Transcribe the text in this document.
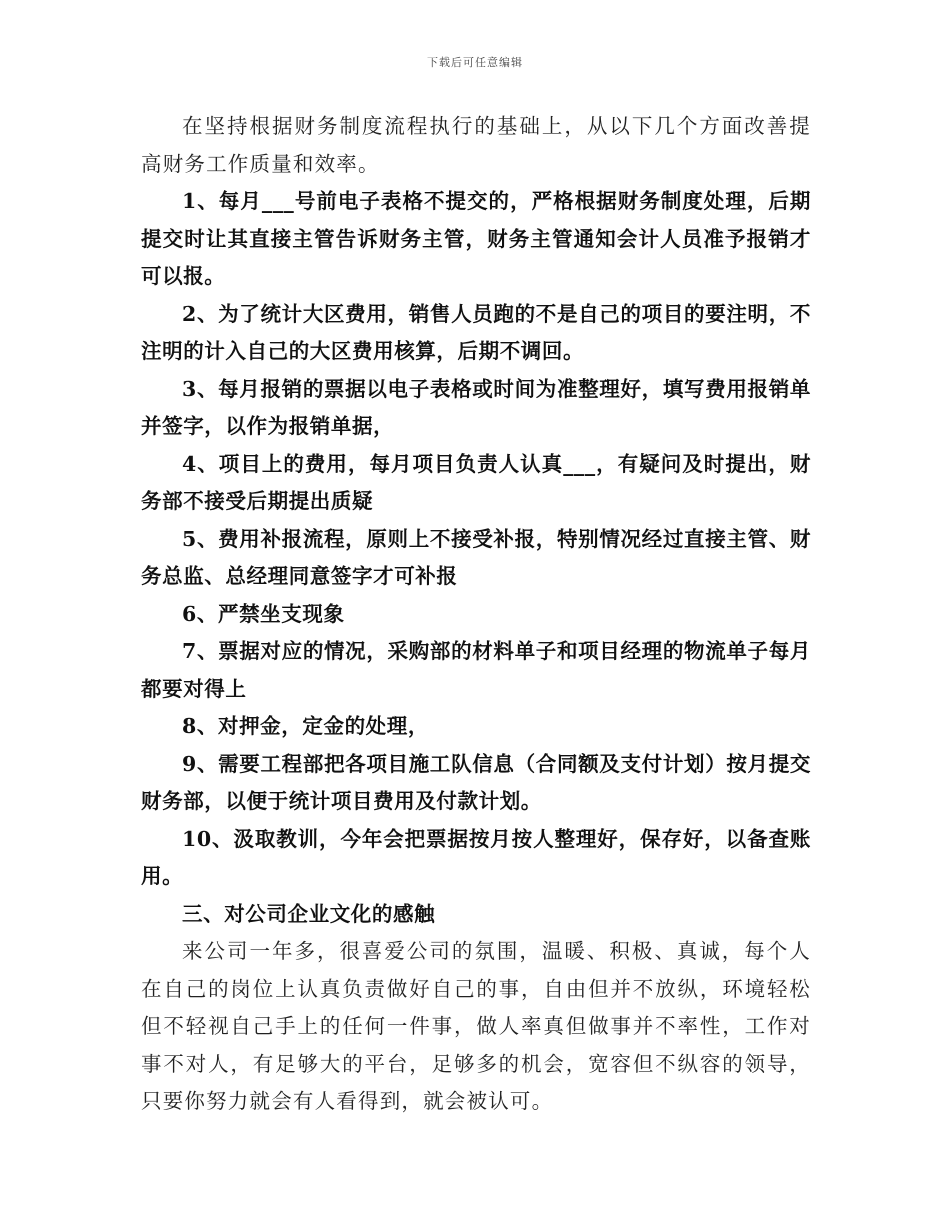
下载后可任意编辑

在坚持根据财务制度流程执行的基础上，从以下几个方面改善提高财务工作质量和效率。

1、每月___号前电子表格不提交的，严格根据财务制度处理，后期提交时让其直接主管告诉财务主管，财务主管通知会计人员准予报销才可以报。

2、为了统计大区费用，销售人员跑的不是自己的项目的要注明，不注明的计入自己的大区费用核算，后期不调回。

3、每月报销的票据以电子表格或时间为准整理好，填写费用报销单并签字，以作为报销单据，

4、项目上的费用，每月项目负责人认真___，有疑问及时提出，财务部不接受后期提出质疑

5、费用补报流程，原则上不接受补报，特别情况经过直接主管、财务总监、总经理同意签字才可补报

6、严禁坐支现象

7、票据对应的情况，采购部的材料单子和项目经理的物流单子每月都要对得上

8、对押金，定金的处理，

9、需要工程部把各项目施工队信息（合同额及支付计划）按月提交财务部，以便于统计项目费用及付款计划。

10、汲取教训，今年会把票据按月按人整理好，保存好，以备查账用。

三、对公司企业文化的感触

来公司一年多，很喜爱公司的氛围，温暖、积极、真诚，每个人在自己的岗位上认真负责做好自己的事，自由但并不放纵，环境轻松但不轻视自己手上的任何一件事，做人率真但做事并不率性，工作对事不对人，有足够大的平台，足够多的机会，宽容但不纵容的领导，只要你努力就会有人看得到，就会被认可。
